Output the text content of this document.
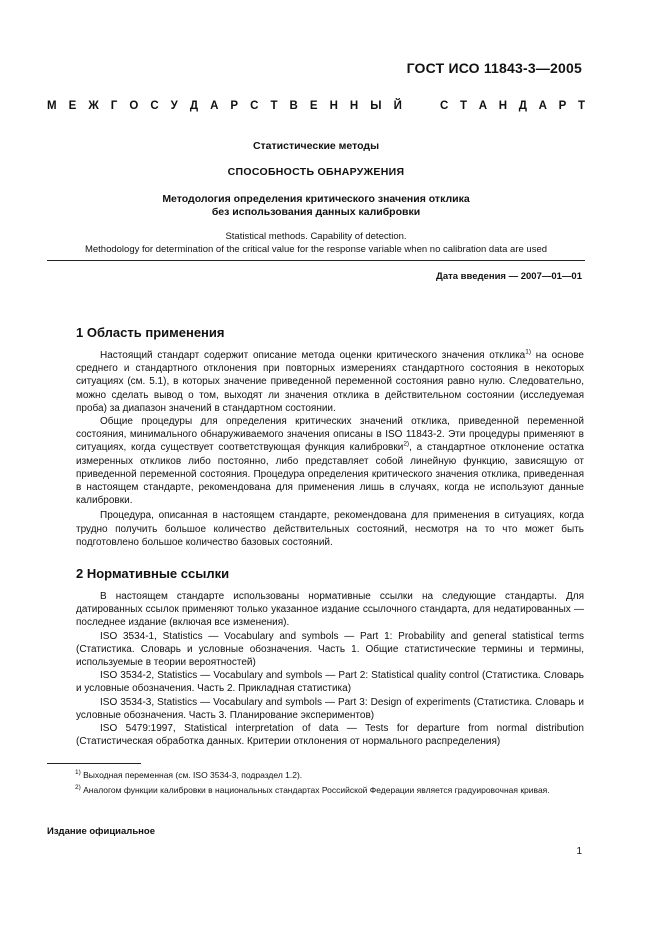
ГОСТ ИСО 11843-3—2005
М Е Ж Г О С У Д А Р С Т В Е Н Н Ы Й	С Т А Н Д А Р Т
Статистические методы
СПОСОБНОСТЬ ОБНАРУЖЕНИЯ
Методология определения критического значения отклика
без использования данных калибровки
Statistical methods. Capability of detection.
Methodology for determination of the critical value for the response variable when no calibration data are used
Дата введения — 2007—01—01
1 Область применения

Настоящий стандарт содержит описание метода оценки критического значения отклика$^{1)}$ на основе среднего и стандартного отклонения при повторных измерениях стандартного состояния в некоторых ситуациях (см. 5.1), в которых значение приведенной переменной состояния равно нулю. Следовательно, можно сделать вывод о том, выходят ли значения отклика в действительном состоянии (исследуемая проба) за диапазон значений в стандартном состоянии.

Общие процедуры для определения критических значений отклика, приведенной переменной состояния, минимального обнаруживаемого значения описаны в ISO 11843-2. Эти процедуры применяют в ситуациях, когда существует соответствующая функция калибровки$^{2)}$, а стандартное отклонение остатка измеренных откликов либо постоянно, либо представляет собой линейную функцию, зависящую от приведенной переменной состояния. Процедура определения критического значения отклика, приведенная в настоящем стандарте, рекомендована для применения лишь в случаях, когда не используют данные калибровки.

Процедура, описанная в настоящем стандарте, рекомендована для применения в ситуациях, когда трудно получить большое количество действительных состояний, несмотря на то что может быть подготовлено большое количество базовых состояний.

2 Нормативные ссылки

В настоящем стандарте использованы нормативные ссылки на следующие стандарты. Для датированных ссылок применяют только указанное издание ссылочного стандарта, для недатированных — последнее издание (включая все изменения).

ISO 3534-1, Statistics — Vocabulary and symbols — Part 1: Probability and general statistical terms (Статистика. Словарь и условные обозначения. Часть 1. Общие статистические термины и термины, используемые в теории вероятностей)

ISO 3534-2, Statistics — Vocabulary and symbols — Part 2: Statistical quality control (Статистика. Словарь и условные обозначения. Часть 2. Прикладная статистика)

ISO 3534-3, Statistics — Vocabulary and symbols — Part 3: Design of experiments (Статистика. Словарь и условные обозначения. Часть 3. Планирование экспериментов)

ISO 5479:1997, Statistical interpretation of data — Tests for departure from normal distribution (Статистическая обработка данных. Критерии отклонения от нормального распределения)

$^{1)}$ Выходная переменная (см. ISO 3534-3, подраздел 1.2).
$^{2)}$ Аналогом функции калибровки в национальных стандартах Российской Федерации является градуировочная кривая.
Издание официальное
1
